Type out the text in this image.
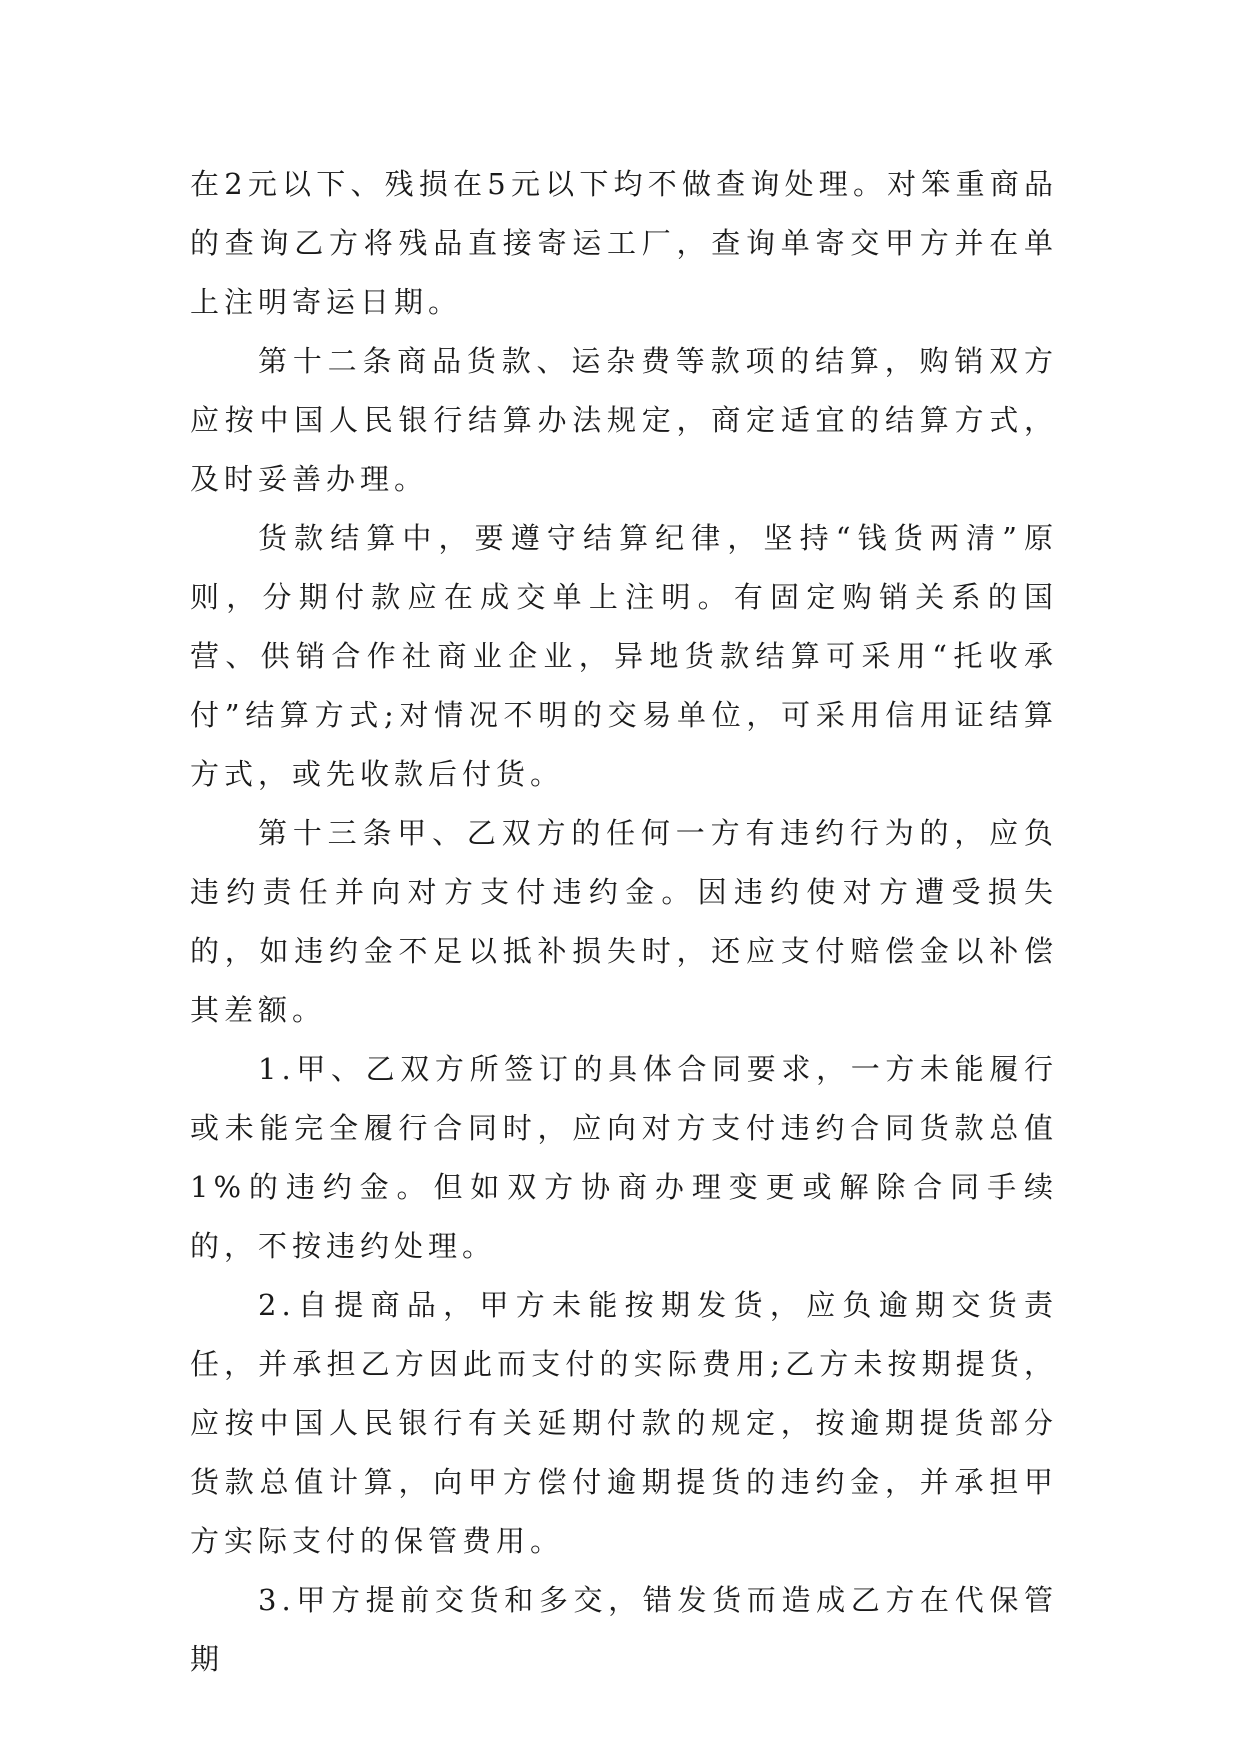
在2元以下、残损在5元以下均不做查询处理。对笨重商品的查询乙方将残品直接寄运工厂，查询单寄交甲方并在单上注明寄运日期。

第十二条商品货款、运杂费等款项的结算，购销双方应按中国人民银行结算办法规定，商定适宜的结算方式，及时妥善办理。

货款结算中，要遵守结算纪律，坚持“钱货两清”原则，分期付款应在成交单上注明。有固定购销关系的国营、供销合作社商业企业，异地货款结算可采用“托收承付”结算方式;对情况不明的交易单位，可采用信用证结算方式，或先收款后付货。

第十三条甲、乙双方的任何一方有违约行为的，应负违约责任并向对方支付违约金。因违约使对方遭受损失的，如违约金不足以抵补损失时，还应支付赔偿金以补偿其差额。

1.甲、乙双方所签订的具体合同要求，一方未能履行或未能完全履行合同时，应向对方支付违约合同货款总值1%的违约金。但如双方协商办理变更或解除合同手续的，不按违约处理。

2.自提商品，甲方未能按期发货，应负逾期交货责任，并承担乙方因此而支付的实际费用;乙方未按期提货，应按中国人民银行有关延期付款的规定，按逾期提货部分货款总值计算，向甲方偿付逾期提货的违约金，并承担甲方实际支付的保管费用。

3.甲方提前交货和多交，错发货而造成乙方在代保管期
